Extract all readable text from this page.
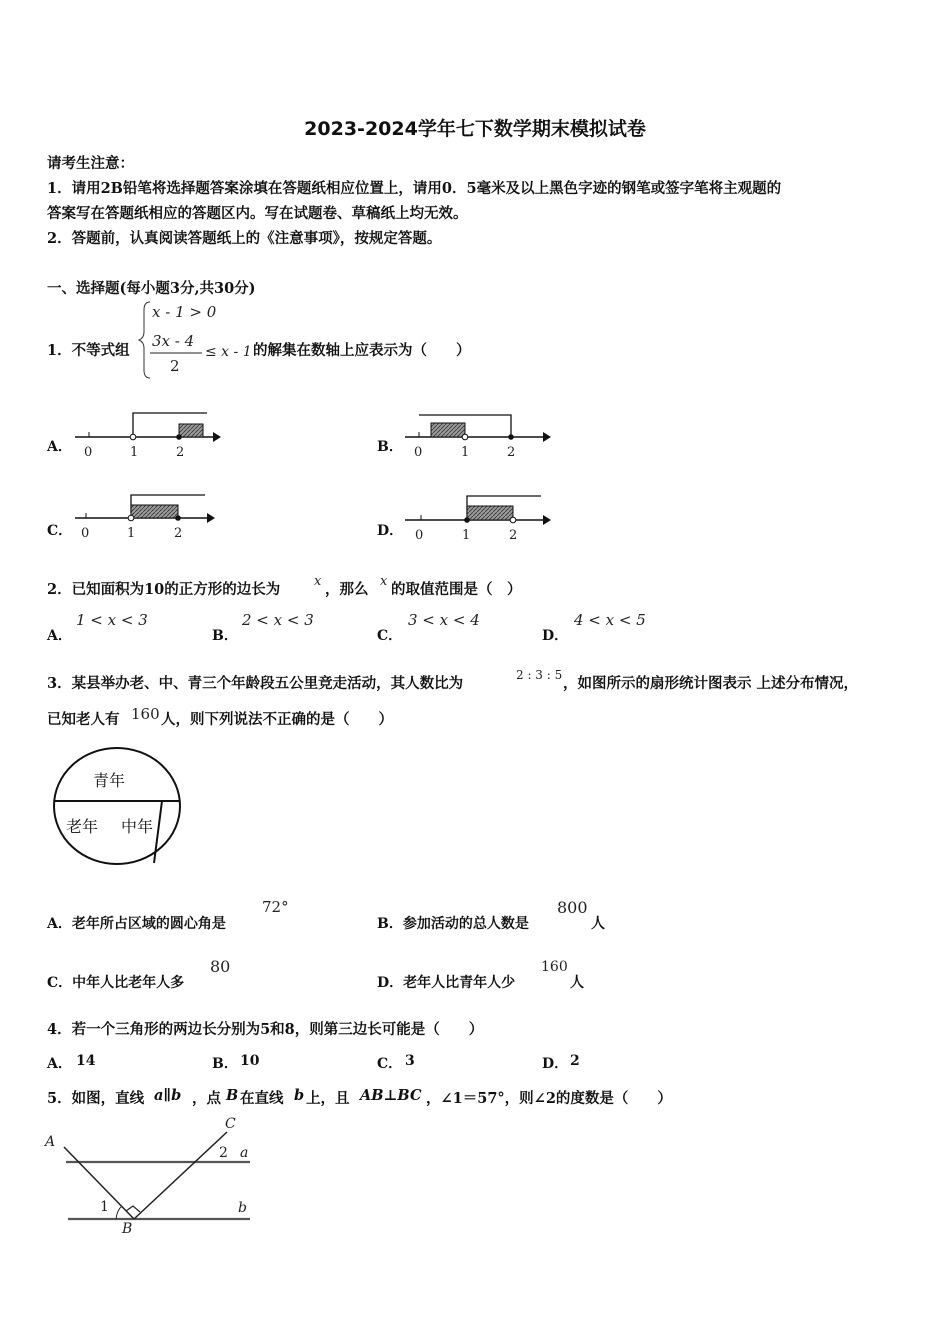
2023-2024学年七下数学期末模拟试卷
请考生注意：
1．请用2B铅笔将选择题答案涂填在答题纸相应位置上，请用0．5毫米及以上黑色字迹的钢笔或签字笔将主观题的
答案写在答题纸相应的答题区内。写在试题卷、草稿纸上均无效。
2．答题前，认真阅读答题纸上的《注意事项》，按规定答题。
一、选择题(每小题3分,共30分)
1．不等式组
x - 1 > 0
3x - 4
2
≤ x - 1 的解集在数轴上应表示为（　　）
A． 0	1	2	B． 0	1	2
C． 0	1	2	D． 0	1	2
2．已知面积为10的正方形的边长为	x ，那么 x 的取值范围是（　）
A．
1 < x < 3
B．
2 < x < 3
C．
3 < x < 4
D．
4 < x < 5
3．某县举办老、中、青三个年龄段五公里竞走活动，其人数比为	2 : 3 : 5 ，如图所示的扇形统计图表示 上述分布情况，
已知老人有 160 人，则下列说法不正确的是（　　）
青年
老年 中年
A．老年所占区域的圆心角是
72°
B．参加活动的总人数是
800
人
C．中年人比老年人多
80
D．老年人比青年人少
160
人
4．若一个三角形的两边长分别为5和8，则第三边长可能是（　　）
A． 14	B． 10	C． 3	D． 2
5．如图，直线 a∥b ，点 B 在直线 b 上，且 AB⊥BC ，∠1＝57°，则∠2的度数是（　　）
A
C
a
b
B
1
2
